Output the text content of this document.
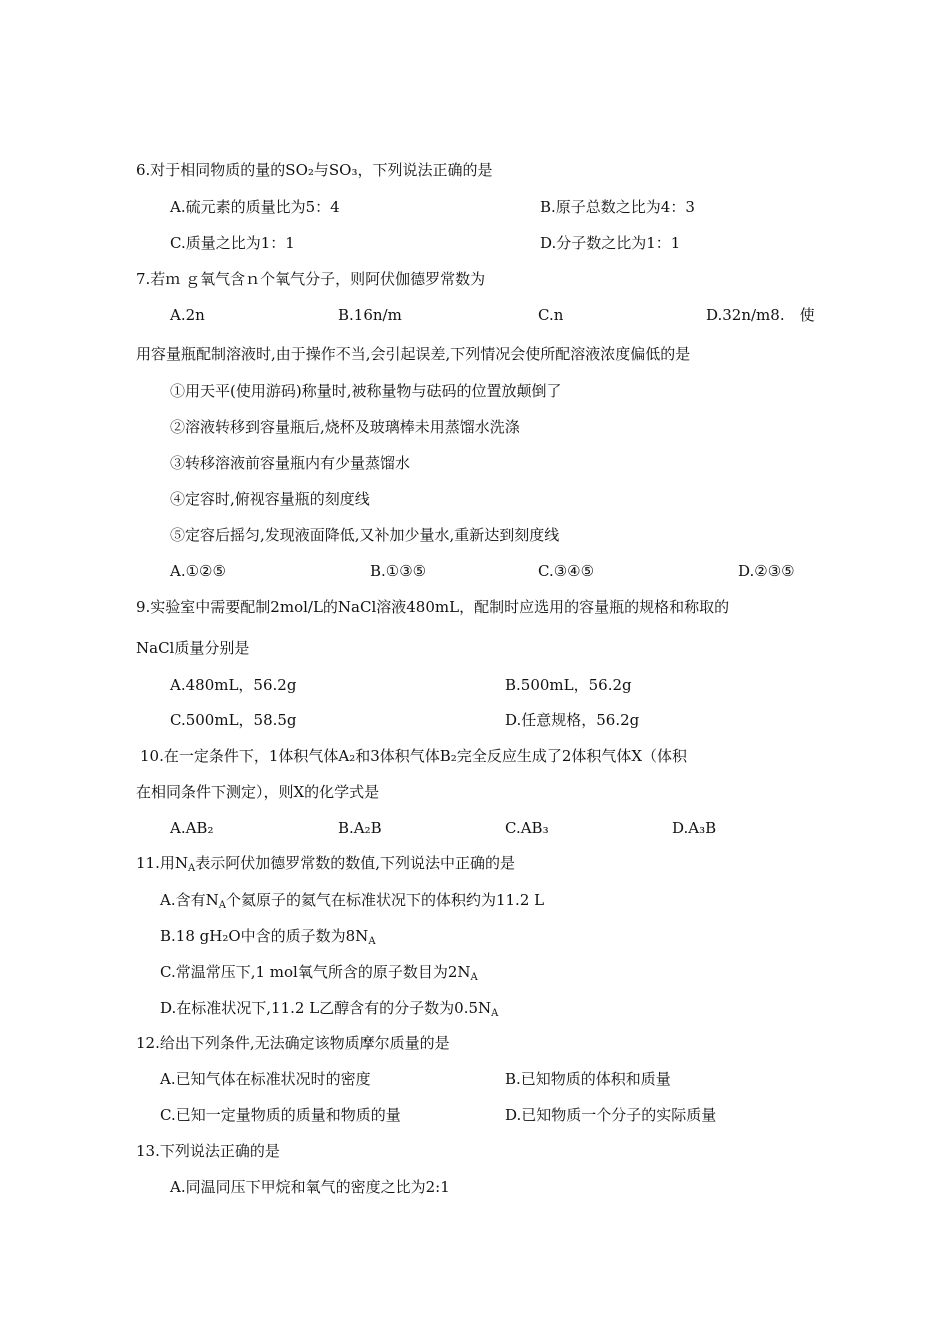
6.对于相同物质的量的SO₂与SO₃，下列说法正确的是
A.硫元素的质量比为5：4	B.原子总数之比为4：3
C.质量之比为1：1	D.分子数之比为1：1
7.若ｍ ｇ氧气含ｎ个氧气分子，则阿伏伽德罗常数为
A.2n	B.16n/m	C.n	D.32n/m8.　使
用容量瓶配制溶液时,由于操作不当,会引起误差,下列情况会使所配溶液浓度偏低的是
①用天平(使用游码)称量时,被称量物与砝码的位置放颠倒了
②溶液转移到容量瓶后,烧杯及玻璃棒未用蒸馏水洗涤
③转移溶液前容量瓶内有少量蒸馏水
④定容时,俯视容量瓶的刻度线
⑤定容后摇匀,发现液面降低,又补加少量水,重新达到刻度线
A.①②⑤	B.①③⑤	C.③④⑤	D.②③⑤
9.实验室中需要配制2mol/L的NaCl溶液480mL，配制时应选用的容量瓶的规格和称取的
NaCl质量分别是
A.480mL，56.2g	B.500mL，56.2g
C.500mL，58.5g	D.任意规格，56.2g
10.在一定条件下，1体积气体A₂和3体积气体B₂完全反应生成了2体积气体X（体积
在相同条件下测定），则X的化学式是
A.AB₂	B.A₂B	C.AB₃	D.A₃B
11.用$N_A$表示阿伏加德罗常数的数值,下列说法中正确的是
A.含有$N_A$个氦原子的氦气在标准状况下的体积约为11.2 L
B.18 gH₂O中含的质子数为$8N_A$
C.常温常压下,1 mol氧气所含的原子数目为$2N_A$
D.在标准状况下,11.2 L乙醇含有的分子数为$0.5N_A$
12.给出下列条件,无法确定该物质摩尔质量的是
A.已知气体在标准状况时的密度	B.已知物质的体积和质量
C.已知一定量物质的质量和物质的量	D.已知物质一个分子的实际质量
13.下列说法正确的是
A.同温同压下甲烷和氧气的密度之比为2:1
